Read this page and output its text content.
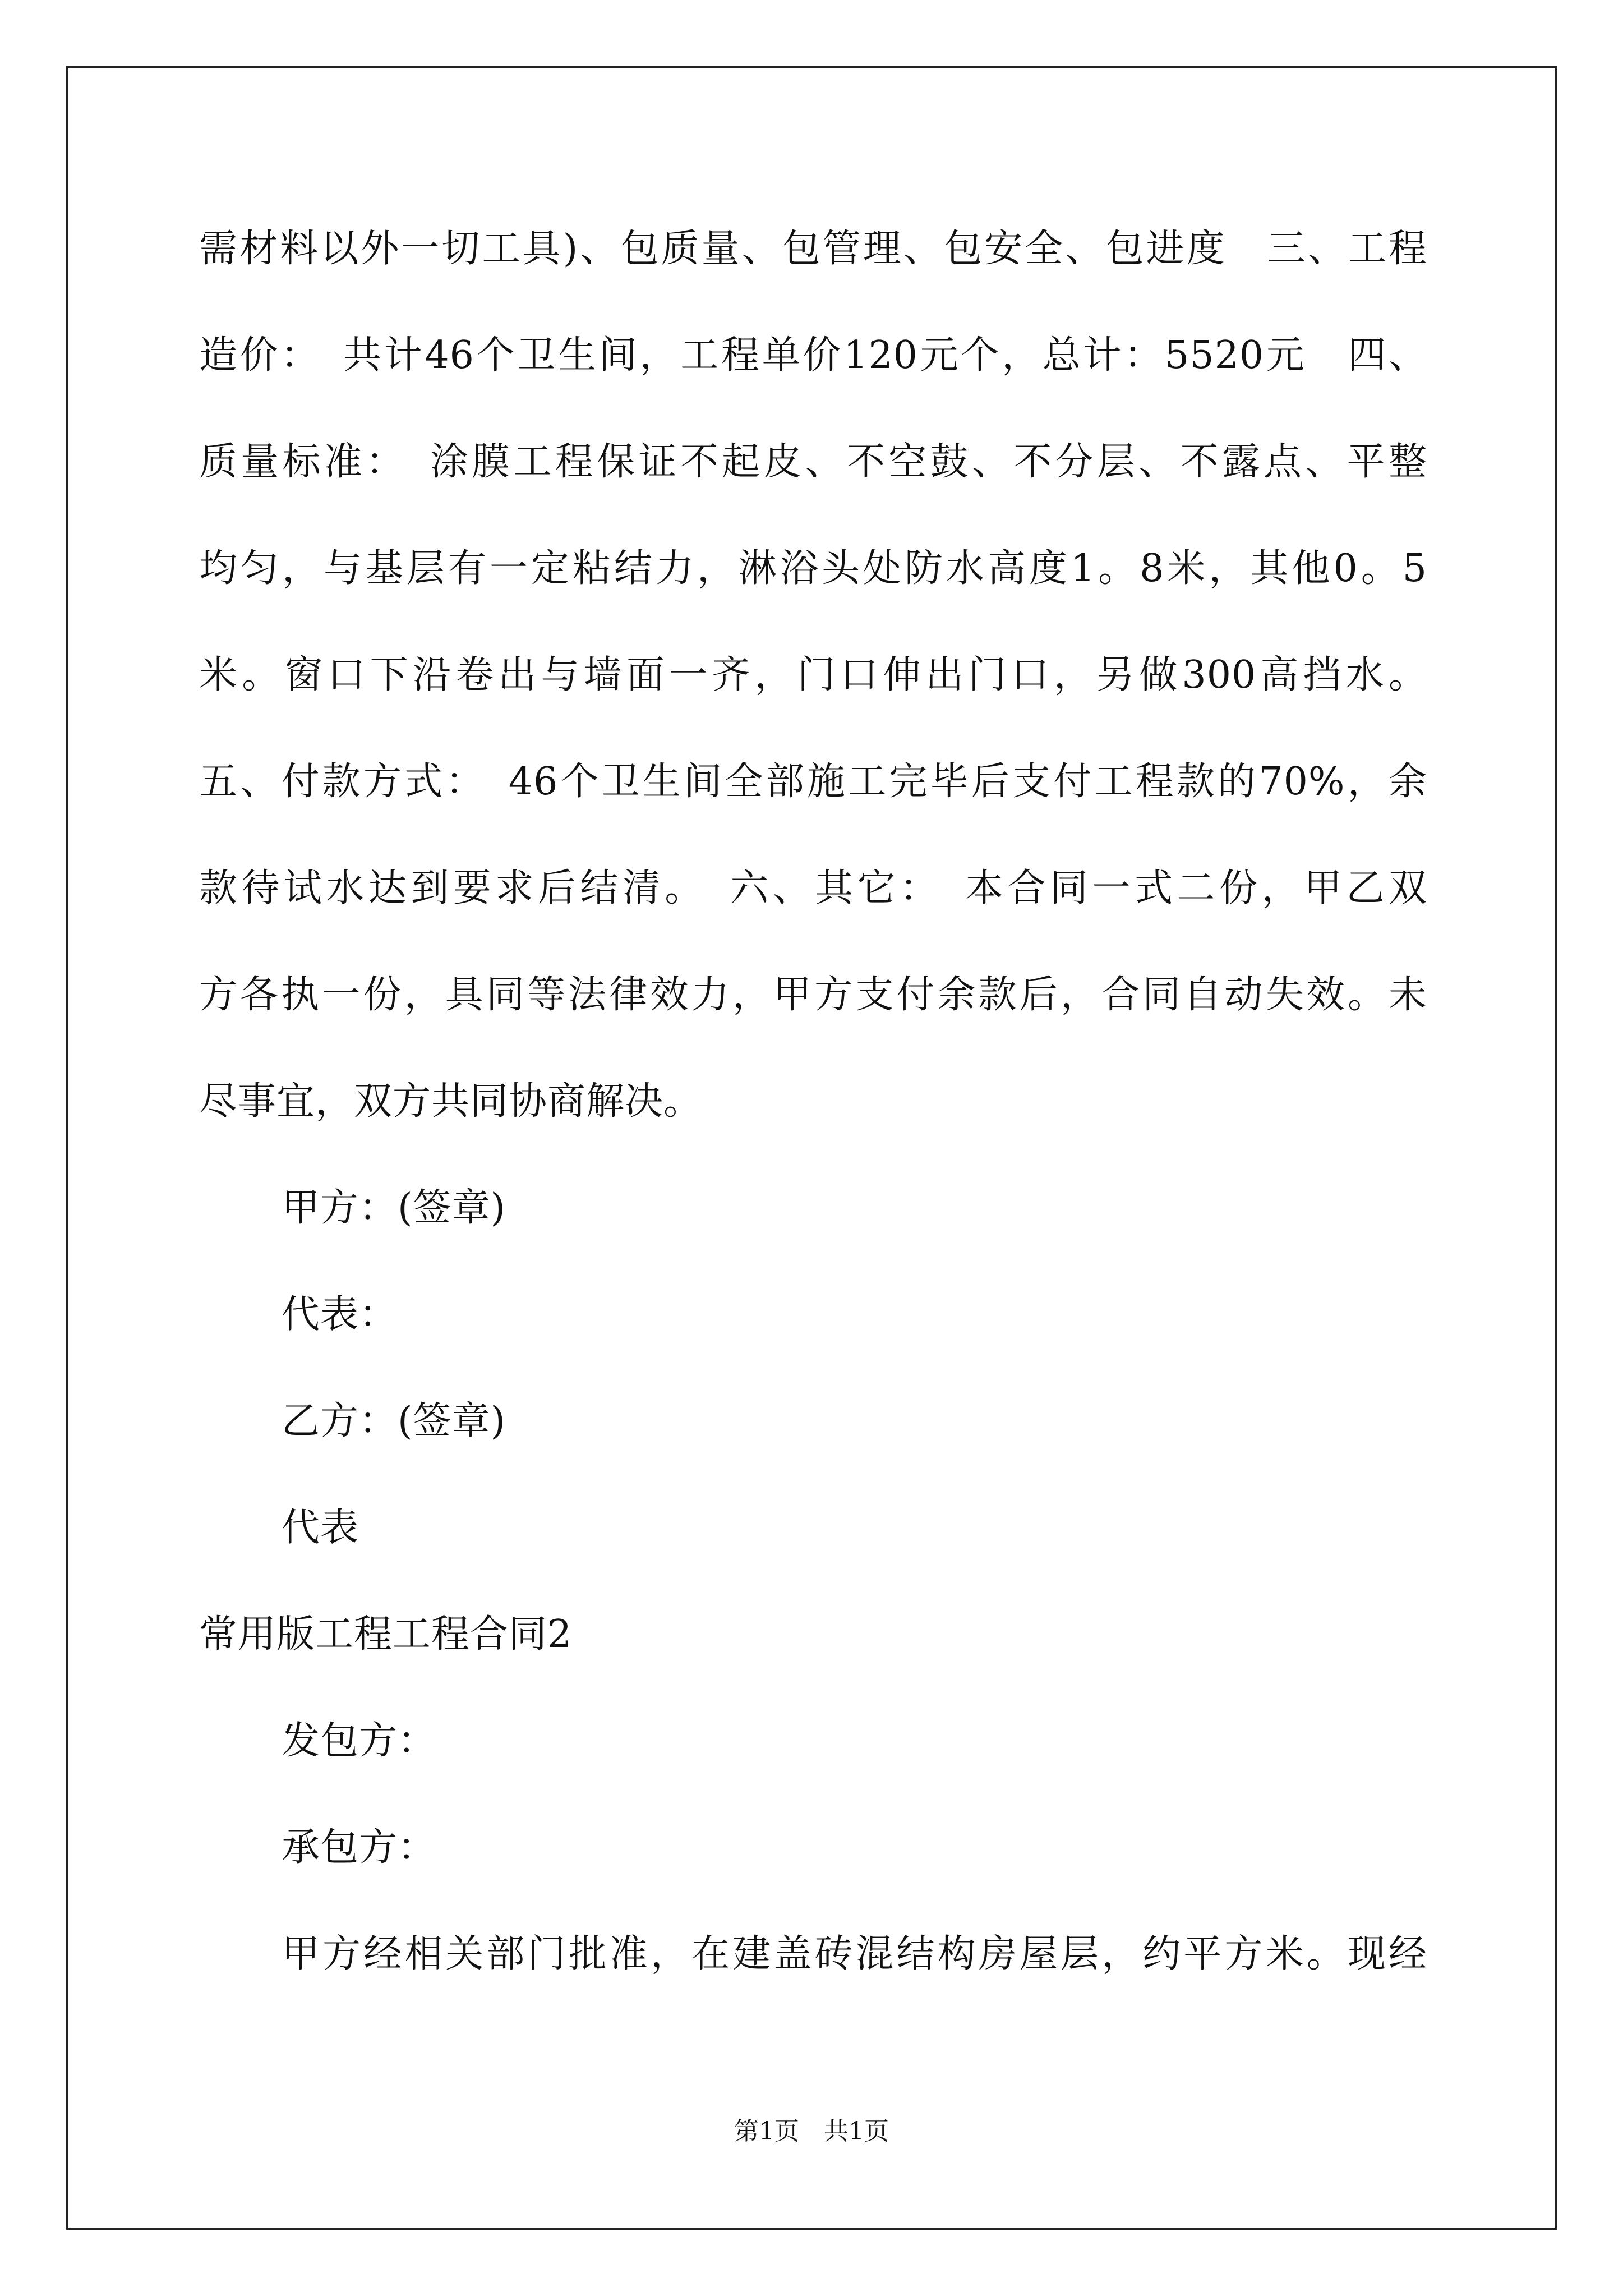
需材料以外一切工具)、包质量、包管理、包安全、包进度　三、工程
造价：　共计46个卫生间，工程单价120元个，总计：5520元　四、
质量标准：　涂膜工程保证不起皮、不空鼓、不分层、不露点、平整
均匀，与基层有一定粘结力，淋浴头处防水高度1。8米，其他0。5
米。窗口下沿卷出与墙面一齐，门口伸出门口，另做300高挡水。
五、付款方式：　46个卫生间全部施工完毕后支付工程款的70%，余
款待试水达到要求后结清。　六、其它：　本合同一式二份，甲乙双
方各执一份，具同等法律效力，甲方支付余款后，合同自动失效。未
尽事宜，双方共同协商解决。
甲方：(签章)
代表：
乙方：(签章)
代表
常用版工程工程合同2
发包方：
承包方：
甲方经相关部门批准，在建盖砖混结构房屋层，约平方米。现经
第1页　共1页
